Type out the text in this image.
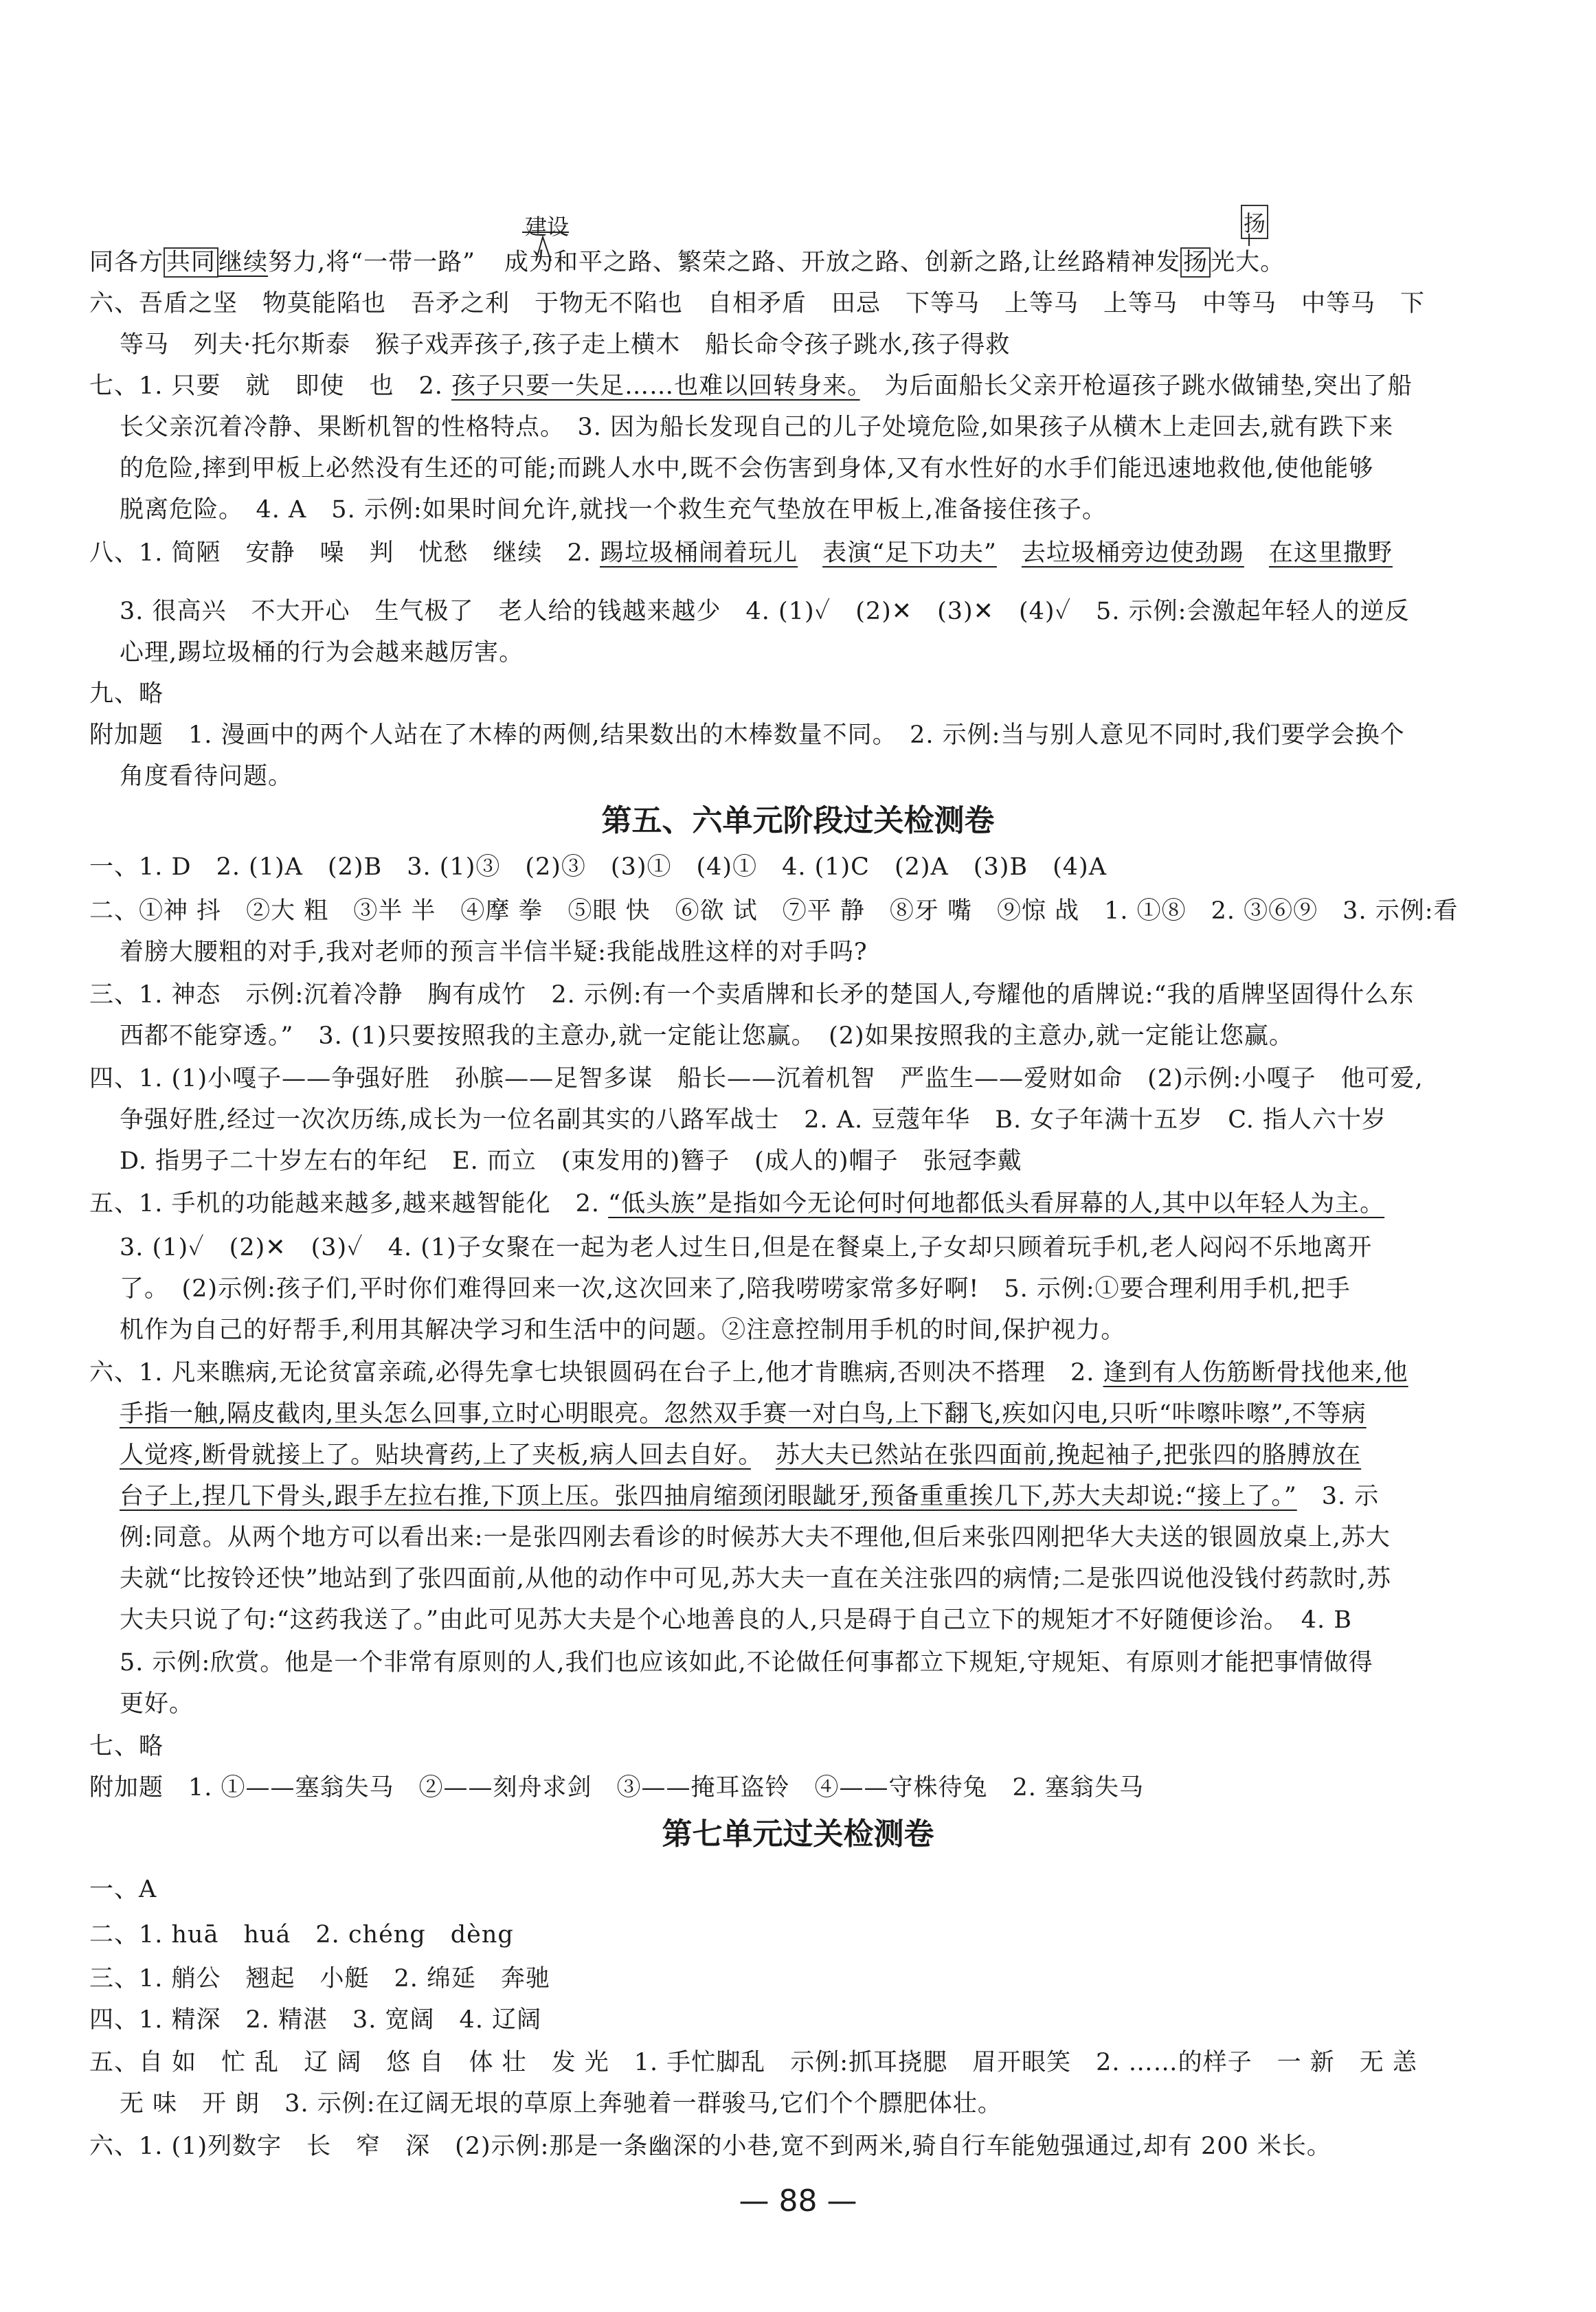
建设	扬
同各方 共同 继续努力,将“一带一路” 成为和平之路、繁荣之路、开放之路、创新之路,让丝路精神发 扬 光大。
六、吾盾之坚　物莫能陷也　吾矛之利　于物无不陷也　自相矛盾　田忌　下等马　上等马　上等马　中等马　中等马　下
等马　列夫·托尔斯泰　猴子戏弄孩子,孩子走上横木　船长命令孩子跳水,孩子得救
七、1. 只要　就　即使　也　2. 孩子只要一失足……也难以回转身来。　为后面船长父亲开枪逼孩子跳水做铺垫,突出了船
长父亲沉着冷静、果断机智的性格特点。　3. 因为船长发现自己的儿子处境危险,如果孩子从横木上走回去,就有跌下来
的危险,摔到甲板上必然没有生还的可能;而跳人水中,既不会伤害到身体,又有水性好的水手们能迅速地救他,使他能够
脱离危险。　4. A　5. 示例:如果时间允许,就找一个救生充气垫放在甲板上,准备接住孩子。
八、1. 简陋　安静　噪　判　忧愁　继续　2. 踢垃圾桶闹着玩儿　 表演“足下功夫”　 去垃圾桶旁边使劲踢　 在这里撒野
3. 很高兴　不大开心　生气极了　老人给的钱越来越少　4. (1)✓　(2)✕　(3)✕　(4)✓　5. 示例:会激起年轻人的逆反
心理,踢垃圾桶的行为会越来越厉害。
九、略
附加题　1. 漫画中的两个人站在了木棒的两侧,结果数出的木棒数量不同。　2. 示例:当与别人意见不同时,我们要学会换个
角度看待问题。
第五、六单元阶段过关检测卷
一、1. D　2. (1)A　(2)B　3. (1)③　(2)③　(3)①　(4)①　4. (1)C　(2)A　(3)B　(4)A
二、①神 抖　②大 粗　③半 半　④摩 拳　⑤眼 快　⑥欲 试　⑦平 静　⑧牙 嘴　⑨惊 战　1. ①⑧　2. ③⑥⑨　3. 示例:看
着膀大腰粗的对手,我对老师的预言半信半疑:我能战胜这样的对手吗?
三、1. 神态　示例:沉着冷静　胸有成竹　2. 示例:有一个卖盾牌和长矛的楚国人,夸耀他的盾牌说:“我的盾牌坚固得什么东
西都不能穿透。”　3. (1)只要按照我的主意办,就一定能让您赢。　(2)如果按照我的主意办,就一定能让您赢。
四、1. (1)小嘎子——争强好胜　孙膑——足智多谋　船长——沉着机智　严监生——爱财如命　(2)示例:小嘎子　他可爱,
争强好胜,经过一次次历练,成长为一位名副其实的八路军战士　2. A. 豆蔻年华　B. 女子年满十五岁　C. 指人六十岁
D. 指男子二十岁左右的年纪　E. 而立　(束发用的)簪子　(成人的)帽子　张冠李戴
五、1. 手机的功能越来越多,越来越智能化　2. “低头族”是指如今无论何时何地都低头看屏幕的人,其中以年轻人为主。
3. (1)✓　(2)✕　(3)✓　4. (1)子女聚在一起为老人过生日,但是在餐桌上,子女却只顾着玩手机,老人闷闷不乐地离开
了。　(2)示例:孩子们,平时你们难得回来一次,这次回来了,陪我唠唠家常多好啊!　5. 示例:①要合理利用手机,把手
机作为自己的好帮手,利用其解决学习和生活中的问题。②注意控制用手机的时间,保护视力。
六、1. 凡来瞧病,无论贫富亲疏,必得先拿七块银圆码在台子上,他才肯瞧病,否则决不搭理　2. 逢到有人伤筋断骨找他来,他
手指一触,隔皮截肉,里头怎么回事,立时心明眼亮。忽然双手赛一对白鸟,上下翻飞,疾如闪电,只听“咔嚓咔嚓”,不等病
人觉疼,断骨就接上了。贴块膏药,上了夹板,病人回去自好。　 苏大夫已然站在张四面前,挽起袖子,把张四的胳膊放在
台子上,捏几下骨头,跟手左拉右推,下顶上压。张四抽肩缩颈闭眼龇牙,预备重重挨几下,苏大夫却说:“接上了。”　3. 示
例:同意。从两个地方可以看出来:一是张四刚去看诊的时候苏大夫不理他,但后来张四刚把华大夫送的银圆放桌上,苏大
夫就“比按铃还快”地站到了张四面前,从他的动作中可见,苏大夫一直在关注张四的病情;二是张四说他没钱付药款时,苏
大夫只说了句:“这药我送了。”由此可见苏大夫是个心地善良的人,只是碍于自己立下的规矩才不好随便诊治。　4. B
5. 示例:欣赏。他是一个非常有原则的人,我们也应该如此,不论做任何事都立下规矩,守规矩、有原则才能把事情做得
更好。
七、略
附加题　1. ①——塞翁失马　②——刻舟求剑　③——掩耳盗铃　④——守株待兔　2. 塞翁失马
第七单元过关检测卷
一、A
二、1. huā　huá　2. chéng　dèng
三、1. 艄公　翘起　小艇　2. 绵延　奔驰
四、1. 精深　2. 精湛　3. 宽阔　4. 辽阔
五、自 如　忙 乱　辽 阔　悠 自　体 壮　发 光　1. 手忙脚乱　示例:抓耳挠腮　眉开眼笑　2. ……的样子　一 新　无 恙
无 味　开 朗　3. 示例:在辽阔无垠的草原上奔驰着一群骏马,它们个个膘肥体壮。
六、1. (1)列数字　长　窄　深　(2)示例:那是一条幽深的小巷,宽不到两米,骑自行车能勉强通过,却有 200 米长。
— 88 —
